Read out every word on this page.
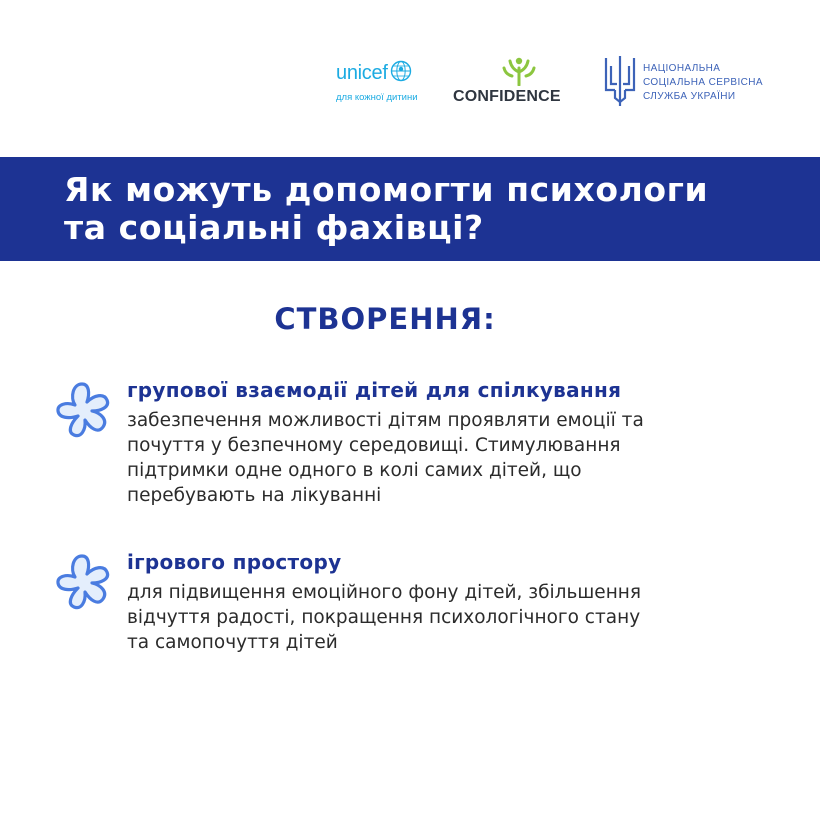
unicef
для кожної дитини	CONFIDENCE
НАЦІОНАЛЬНА
СОЦІАЛЬНА СЕРВІСНА
СЛУЖБА УКРАЇНИ
Як можуть допомогти психологи
та соціальні фахівці?
СТВОРЕННЯ:
групової взаємодії дітей для спілкування
забезпечення можливості дітям проявляти емоції та
почуття у безпечному середовищі. Стимулювання
підтримки одне одного в колі самих дітей, що
перебувають на лікуванні
ігрового простору
для підвищення емоційного фону дітей, збільшення
відчуття радості, покращення психологічного стану
та самопочуття дітей
